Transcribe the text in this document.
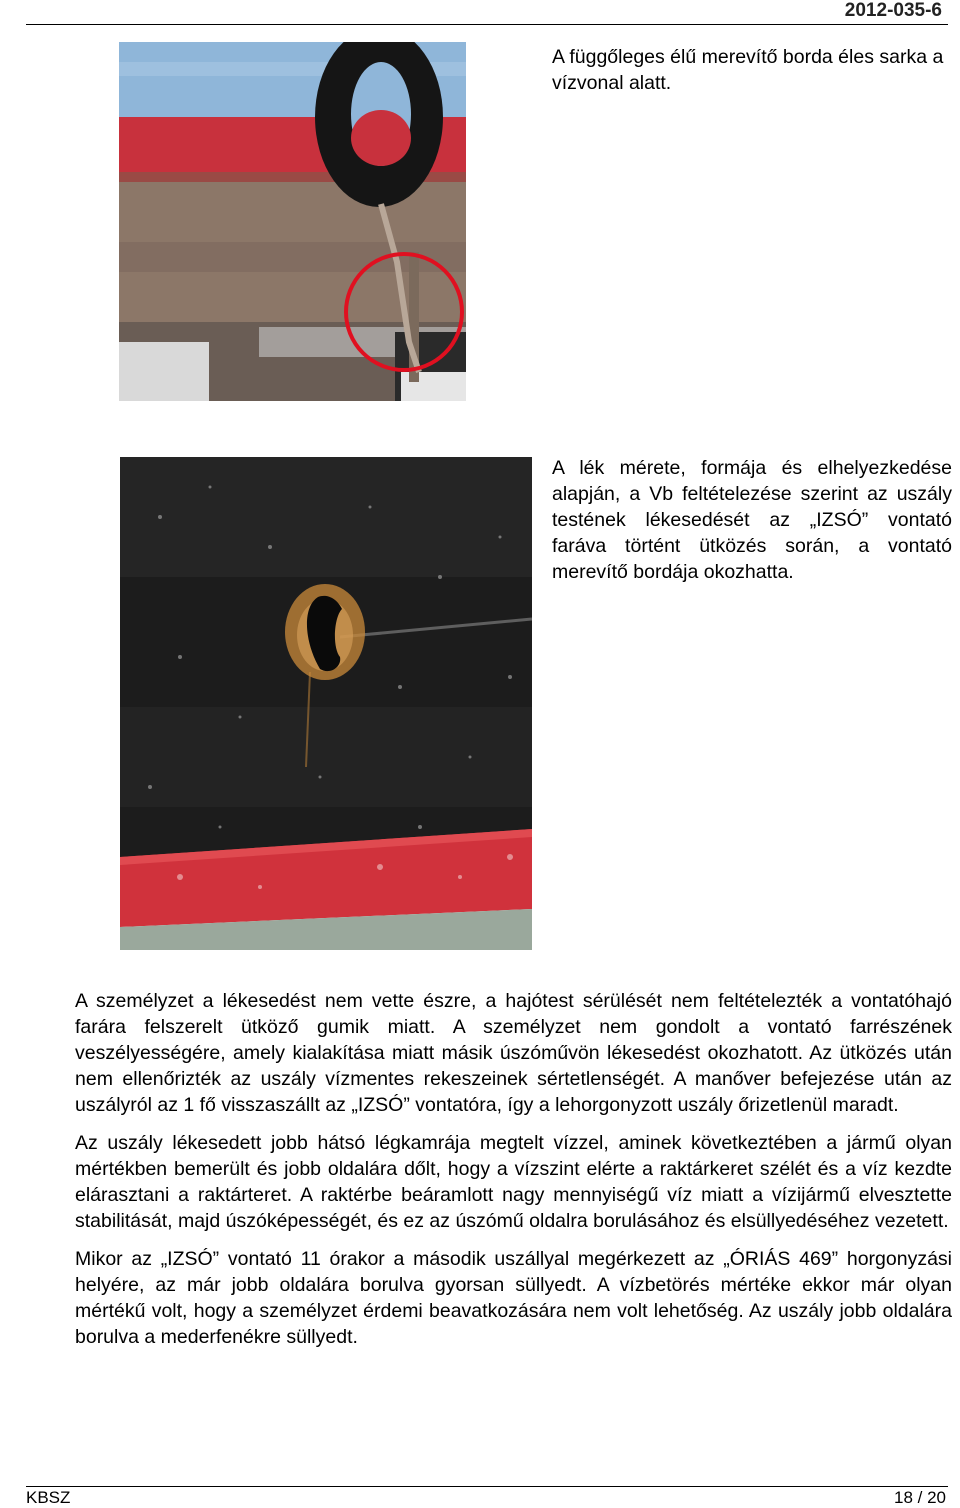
2012-035-6
A függőleges élű merevítő borda éles sarka a vízvonal alatt.
A lék mérete, formája és elhelyezkedése alapján, a Vb feltételezése szerint az uszály testének lékesedését az „IZSÓ” vontató faráva történt ütközés során, a vontató merevítő bordája okozhatta.

A személyzet a lékesedést nem vette észre, a hajótest sérülését nem feltételezték a vontatóhajó farára felszerelt ütköző gumik miatt. A személyzet nem gondolt a vontató farrészének veszélyességére, amely kialakítása miatt másik úszóművön lékesedést okozhatott. Az ütközés után nem ellenőrizték az uszály vízmentes rekeszeinek sértetlenségét. A manőver befejezése után az uszályról az 1 fő visszaszállt az „IZSÓ” vontatóra, így a lehorgonyzott uszály őrizetlenül maradt.

Az uszály lékesedett jobb hátsó légkamrája megtelt vízzel, aminek következtében a jármű olyan mértékben bemerült és jobb oldalára dőlt, hogy a vízszint elérte a raktárkeret szélét és a víz kezdte elárasztani a raktárteret. A raktérbe beáramlott nagy mennyiségű víz miatt a vízijármű elvesztette stabilitását, majd úszóképességét, és ez az úszómű oldalra borulásához és elsüllyedéséhez vezetett.

Mikor az „IZSÓ” vontató 11 órakor a második uszállyal megérkezett az „ÓRIÁS 469” horgonyzási helyére, az már jobb oldalára borulva gyorsan süllyedt. A vízbetörés mértéke ekkor már olyan mértékű volt, hogy a személyzet érdemi beavatkozására nem volt lehetőség. Az uszály jobb oldalára borulva a mederfenékre süllyedt.

KBSZ	18 / 20
